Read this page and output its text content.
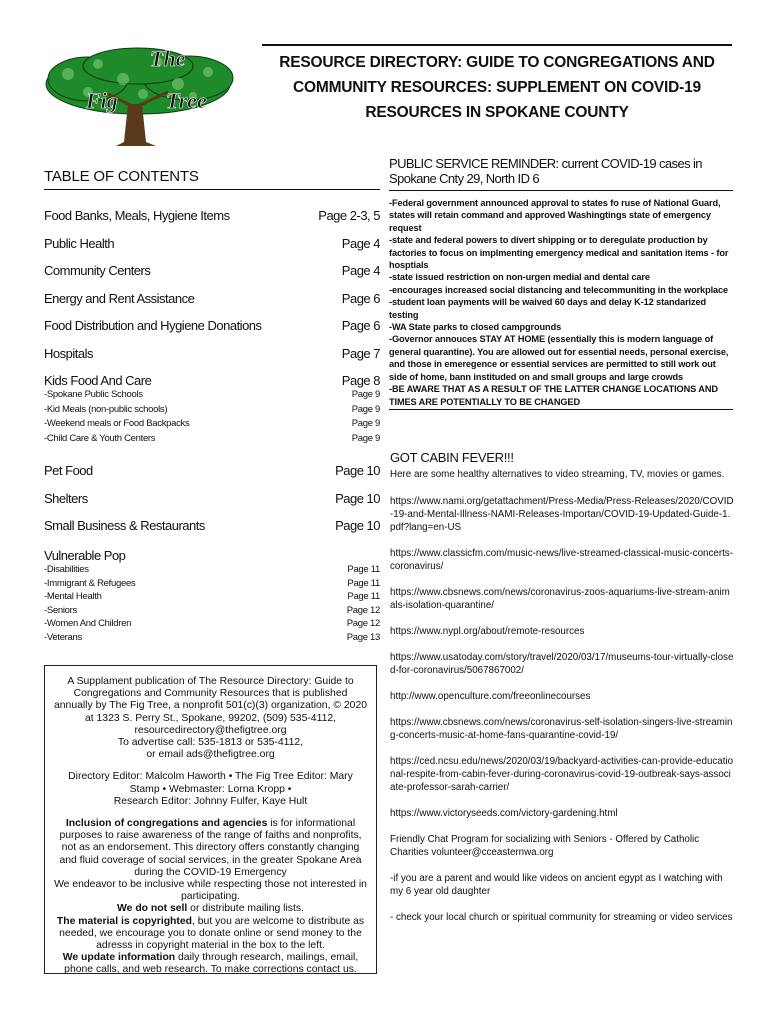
The
Fig Tree
RESOURCE DIRECTORY: GUIDE TO CONGREGATIONS AND
COMMUNITY RESOURCES: SUPPLEMENT ON COVID-19
RESOURCES IN SPOKANE COUNTY
TABLE OF CONTENTS
Food Banks, Meals, Hygiene Items	Page 2-3, 5
Public Health	Page 4
Community Centers	Page 4
Energy and Rent Assistance	Page 6
Food Distribution and Hygiene Donations	Page 6
Hospitals	Page 7
Kids Food And Care	Page 8
-Spokane Public Schools	Page 9
-Kid Meals (non-public schools)	Page 9
-Weekend meals or Food Backpacks	Page 9
-Child Care & Youth Centers	Page 9
Pet Food	Page 10
Shelters	Page 10
Small Business & Restaurants	Page 10
Vulnerable Pop
-Disabilities	Page 11
-Immigrant & Refugees	Page 11
-Mental Health	Page 11
-Seniors	Page 12
-Women And Children	Page 12
-Veterans	Page 13

A Supplament publication of The Resource Directory: Guide to Congregations and Community Resources that is published annually by The Fig Tree, a nonprofit 501(c)(3) organization, © 2020 at 1323 S. Perry St., Spokane, 99202, (509) 535-4112, resourcedirectory@thefigtree.org

To advertise call: 535-1813 or 535-4112,

or email ads@thefigtree.org

Directory Editor: Malcolm Haworth • The Fig Tree Editor: Mary Stamp • Webmaster: Lorna Kropp •

Research Editor: Johnny Fulfer, Kaye Hult

Inclusion of congregations and agencies is for informational purposes to raise awareness of the range of faiths and nonprofits, not as an endorsement. This directory offers constantly changing and fluid coverage of social services, in the greater Spokane Area during the COVID-19 Emergency

We endeavor to be inclusive while respecting those not interested in participating.

We do not sell or distribute mailing lists.

The material is copyrighted, but you are welcome to distribute as needed, we encourage you to donate online or send money to the adresss in copyright material in the box to the left.

We update information daily through research, mailings, email, phone calls, and web research. To make corrections contact us.

PUBLIC SERVICE REMINDER: current COVID-19 cases in Spokane Cnty 29, North ID 6
-Federal government announced approval to states fo ruse of National Guard, states will retain command and approved Washingtings state of emergency request
-state and federal powers to divert shipping or to deregulate production by factories to focus on implmenting emergency medical and sanitation items - for hosptials
-state issued restriction on non-urgen medial and dental care
-encourages increased social distancing and telecommuniting in the workplace
-student loan payments will be waived 60 days and delay K-12 standarized testing
-WA State parks to closed campgrounds
-Governor annouces STAY AT HOME (essentially this is modern language of general quarantine). You are allowed out for essential needs, personal exercise, and those in emeregence or essential services are permitted to still work out side of home, bann instituded on and small groups and large crowds
-BE AWARE THAT AS A RESULT OF THE LATTER CHANGE LOCATIONS AND TIMES ARE POTENTIALLY TO BE CHANGED
GOT CABIN FEVER!!!
Here are some healthy alternatives to video streaming, TV, movies or games.
https://www.nami.org/getattachment/Press-Media/Press-Releases/2020/COVID-19-and-Mental-Illness-NAMI-Releases-Importan/COVID-19-Updated-Guide-1.pdf?lang=en-US
https://www.classicfm.com/music-news/live-streamed-classical-music-concerts-coronavirus/
https://www.cbsnews.com/news/coronavirus-zoos-aquariums-live-stream-animals-isolation-quarantine/
https://www.nypl.org/about/remote-resources
https://www.usatoday.com/story/travel/2020/03/17/museums-tour-virtually-closed-for-coronavirus/5067867002/
http://www.openculture.com/freeonlinecourses
https://www.cbsnews.com/news/coronavirus-self-isolation-singers-live-streaming-concerts-music-at-home-fans-quarantine-covid-19/
https://ced.ncsu.edu/news/2020/03/19/backyard-activities-can-provide-educational-respite-from-cabin-fever-during-coronavirus-covid-19-outbreak-says-associate-professor-sarah-carrier/
https://www.victoryseeds.com/victory-gardening.html
Friendly Chat Program for socializing with Seniors - Offered by Catholic Charities volunteer@cceasternwa.org
-if you are a parent and would like videos on ancient egypt as I watching with my 6 year old daughter
- check your local church or spiritual community for streaming or video services
